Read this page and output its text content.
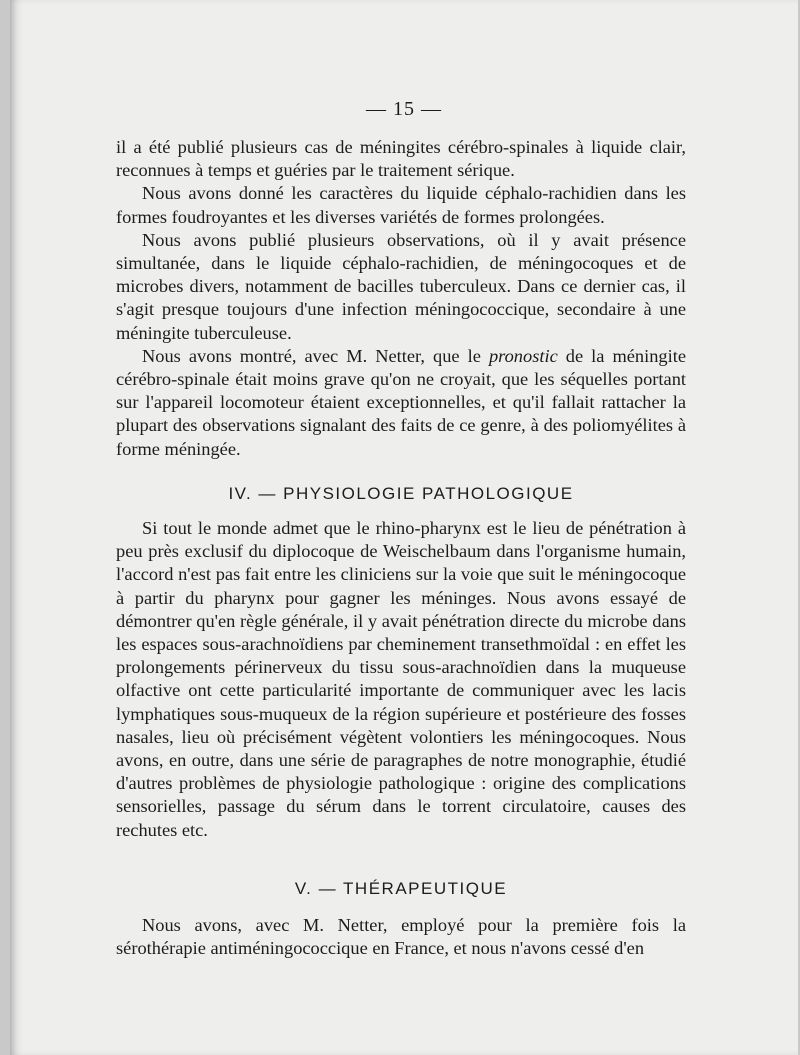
— 15 —

il a été publié plusieurs cas de méningites cérébro-spinales à liquide clair, reconnues à temps et guéries par le traitement sérique.

Nous avons donné les caractères du liquide céphalo-rachidien dans les formes foudroyantes et les diverses variétés de formes prolongées.

Nous avons publié plusieurs observations, où il y avait présence simultanée, dans le liquide céphalo-rachidien, de méningocoques et de microbes divers, notamment de bacilles tuberculeux. Dans ce dernier cas, il s'agit presque toujours d'une infection méningococcique, secondaire à une méningite tuberculeuse.

Nous avons montré, avec M. Netter, que le pronostic de la méningite cérébro-spinale était moins grave qu'on ne croyait, que les séquelles portant sur l'appareil locomoteur étaient exceptionnelles, et qu'il fallait rattacher la plupart des observations signalant des faits de ce genre, à des poliomyélites à forme méningée.

IV. — PHYSIOLOGIE PATHOLOGIQUE

Si tout le monde admet que le rhino-pharynx est le lieu de pénétration à peu près exclusif du diplocoque de Weischelbaum dans l'organisme humain, l'accord n'est pas fait entre les cliniciens sur la voie que suit le méningocoque à partir du pharynx pour gagner les méninges. Nous avons essayé de démontrer qu'en règle générale, il y avait pénétration directe du microbe dans les espaces sous-arachnoïdiens par cheminement transethmoïdal : en effet les prolongements périnerveux du tissu sous-arachnoïdien dans la muqueuse olfactive ont cette particularité importante de communiquer avec les lacis lymphatiques sous-muqueux de la région supérieure et postérieure des fosses nasales, lieu où précisément végètent volontiers les méningocoques. Nous avons, en outre, dans une série de paragraphes de notre monographie, étudié d'autres problèmes de physiologie pathologique : origine des complications sensorielles, passage du sérum dans le torrent circulatoire, causes des rechutes etc.

V. — THÉRAPEUTIQUE

Nous avons, avec M. Netter, employé pour la première fois la sérothérapie antiméningococcique en France, et nous n'avons cessé d'en
